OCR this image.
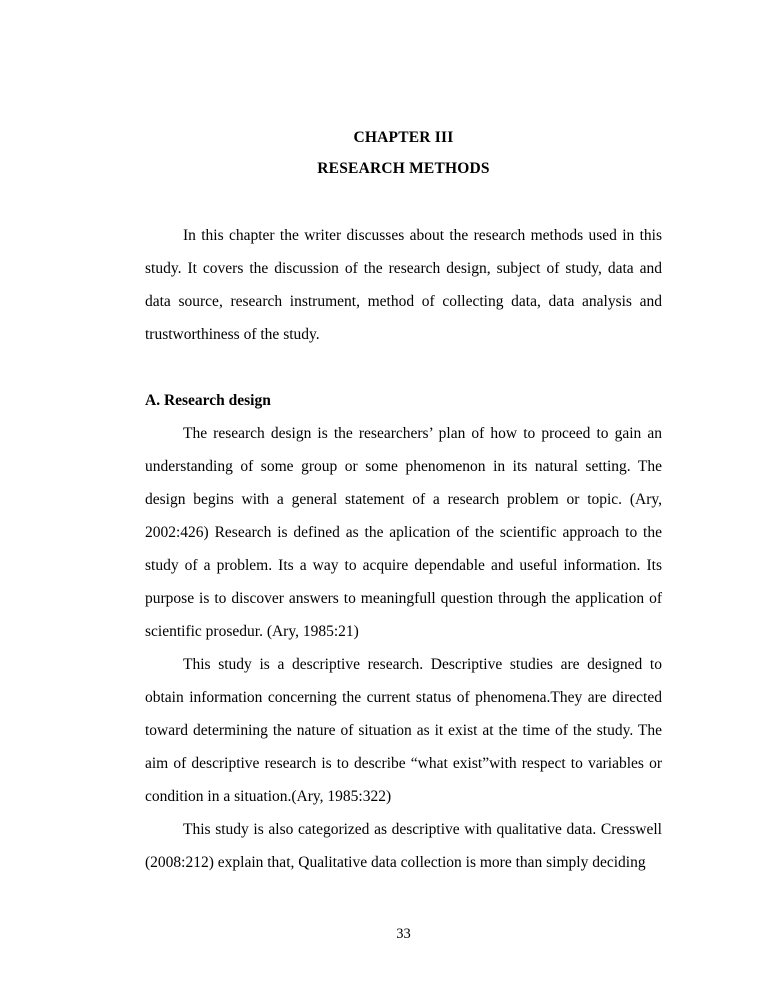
CHAPTER III
RESEARCH METHODS

In this chapter the writer discusses about the research methods used in this study. It covers the discussion of the research design, subject of study, data and data source, research instrument, method of collecting data, data analysis and trustworthiness of the study.

A. Research design

The research design is the researchers’ plan of how to proceed to gain an understanding of some group or some phenomenon in its natural setting. The design begins with a general statement of a research problem or topic. (Ary, 2002:426) Research is defined as the aplication of the scientific approach to the study of a problem. Its a way to acquire dependable and useful information. Its purpose is to discover answers to meaningfull question through the application of scientific prosedur. (Ary, 1985:21)

This study is a descriptive research. Descriptive studies are designed to obtain information concerning the current status of phenomena.They are directed toward determining the nature of situation as it exist at the time of the study. The aim of descriptive research is to describe “what exist”with respect to variables or condition in a situation.(Ary, 1985:322)

This study is also categorized as descriptive with qualitative data. Cresswell (2008:212) explain that, Qualitative data collection is more than simply deciding

33
